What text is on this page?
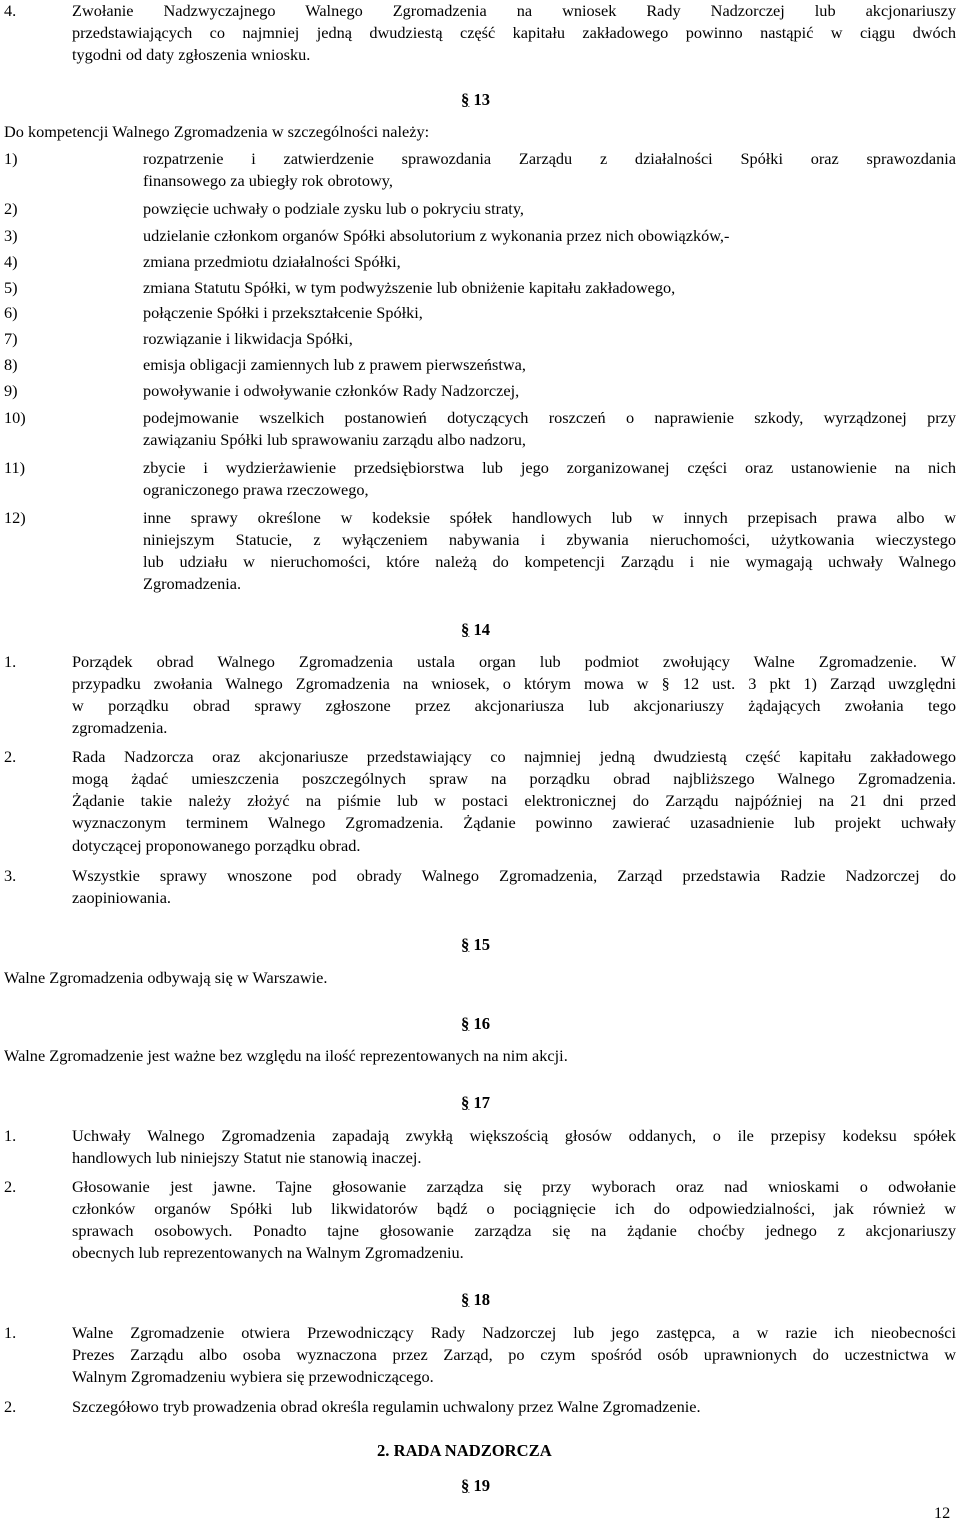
4.	Zwołanie Nadzwyczajnego Walnego Zgromadzenia na wniosek Rady Nadzorczej lub akcjonariuszy
przedstawiających co najmniej jedną dwudziestą część kapitału zakładowego powinno nastąpić w ciągu dwóch
tygodni od daty zgłoszenia wniosku.
§ 13
Do kompetencji Walnego Zgromadzenia w szczególności należy:
1)	rozpatrzenie i zatwierdzenie sprawozdania Zarządu z działalności Spółki oraz sprawozdania
finansowego za ubiegły rok obrotowy,
2)	powzięcie uchwały o podziale zysku lub o pokryciu straty,
3)	udzielanie członkom organów Spółki absolutorium z wykonania przez nich obowiązków,-
4)	zmiana przedmiotu działalności Spółki,
5)	zmiana Statutu Spółki, w tym podwyższenie lub obniżenie kapitału zakładowego,
6)	połączenie Spółki i przekształcenie Spółki,
7)	rozwiązanie i likwidacja Spółki,
8)	emisja obligacji zamiennych lub z prawem pierwszeństwa,
9)	powoływanie i odwoływanie członków Rady Nadzorczej,
10)	podejmowanie wszelkich postanowień dotyczących roszczeń o naprawienie szkody, wyrządzonej przy
zawiązaniu Spółki lub sprawowaniu zarządu albo nadzoru,
11)	zbycie i wydzierżawienie przedsiębiorstwa lub jego zorganizowanej części oraz ustanowienie na nich
ograniczonego prawa rzeczowego,
12)	inne sprawy określone w kodeksie spółek handlowych lub w innych przepisach prawa albo w
niniejszym Statucie, z wyłączeniem nabywania i zbywania nieruchomości, użytkowania wieczystego
lub udziału w nieruchomości, które należą do kompetencji Zarządu i nie wymagają uchwały Walnego
Zgromadzenia.
§ 14
1.	Porządek obrad Walnego Zgromadzenia ustala organ lub podmiot zwołujący Walne Zgromadzenie. W
przypadku zwołania Walnego Zgromadzenia na wniosek, o którym mowa w § 12 ust. 3 pkt 1) Zarząd uwzględni
w porządku obrad sprawy zgłoszone przez akcjonariusza lub akcjonariuszy żądających zwołania tego
zgromadzenia.
2.	Rada Nadzorcza oraz akcjonariusze przedstawiający co najmniej jedną dwudziestą część kapitału zakładowego
mogą żądać umieszczenia poszczególnych spraw na porządku obrad najbliższego Walnego Zgromadzenia.
Żądanie takie należy złożyć na piśmie lub w postaci elektronicznej do Zarządu najpóźniej na 21 dni przed
wyznaczonym terminem Walnego Zgromadzenia. Żądanie powinno zawierać uzasadnienie lub projekt uchwały
dotyczącej proponowanego porządku obrad.
3.	Wszystkie sprawy wnoszone pod obrady Walnego Zgromadzenia, Zarząd przedstawia Radzie Nadzorczej do
zaopiniowania.
§ 15
Walne Zgromadzenia odbywają się w Warszawie.
§ 16
Walne Zgromadzenie jest ważne bez względu na ilość reprezentowanych na nim akcji.
§ 17
1.	Uchwały Walnego Zgromadzenia zapadają zwykłą większością głosów oddanych, o ile przepisy kodeksu spółek
handlowych lub niniejszy Statut nie stanowią inaczej.
2.	Głosowanie jest jawne. Tajne głosowanie zarządza się przy wyborach oraz nad wnioskami o odwołanie
członków organów Spółki lub likwidatorów bądź o pociągnięcie ich do odpowiedzialności, jak również w
sprawach osobowych. Ponadto tajne głosowanie zarządza się na żądanie choćby jednego z akcjonariuszy
obecnych lub reprezentowanych na Walnym Zgromadzeniu.
§ 18
1.	Walne Zgromadzenie otwiera Przewodniczący Rady Nadzorczej lub jego zastępca, a w razie ich nieobecności
Prezes Zarządu albo osoba wyznaczona przez Zarząd, po czym spośród osób uprawnionych do uczestnictwa w
Walnym Zgromadzeniu wybiera się przewodniczącego.
2.	Szczegółowo tryb prowadzenia obrad określa regulamin uchwalony przez Walne Zgromadzenie.
2. RADA NADZORCZA
§ 19
12
